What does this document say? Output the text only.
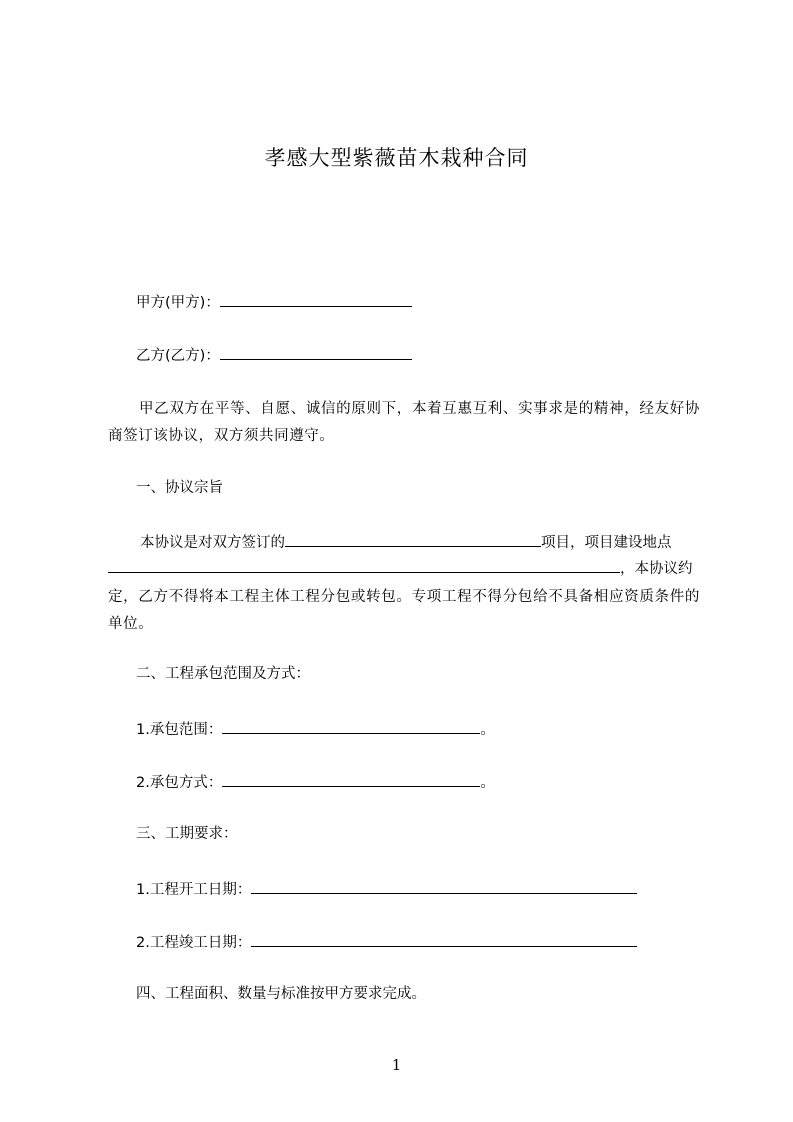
孝感大型紫薇苗木栽种合同
甲方(甲方)：
乙方(乙方)：
甲乙双方在平等、自愿、诚信的原则下，本着互惠互利、实事求是的精神，经友好协商签订该协议，双方须共同遵守。
一、协议宗旨
本协议是对双方签订的	项目，项目建设地点
，本协议约
定，乙方不得将本工程主体工程分包或转包。专项工程不得分包给不具备相应资质条件的单位。
二、工程承包范围及方式：
1.承包范围：	。
2.承包方式：	。
三、工期要求：
1.工程开工日期：
2.工程竣工日期：
四、工程面积、数量与标准按甲方要求完成。
1
